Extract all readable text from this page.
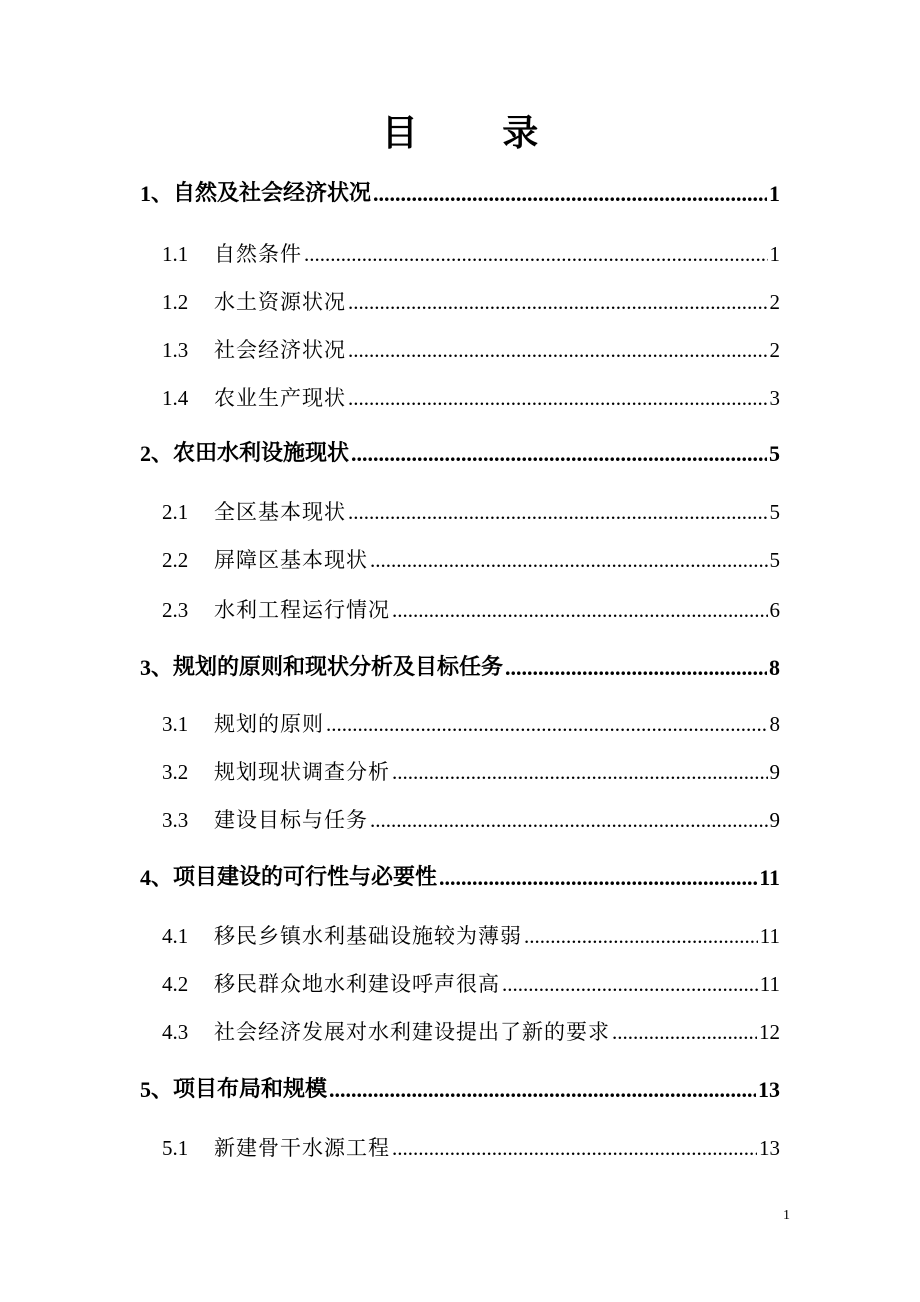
目 录
1、 自然及社会经济状况 .....	1
1.1	自然条件 .....	1
1.2	水土资源状况 .....	2
1.3	社会经济状况 .....	2
1.4	农业生产现状 .....	3
2、 农田水利设施现状 .....	5
2.1	全区基本现状 .....	5
2.2	屏障区基本现状 .....	5
2.3	水利工程运行情况 .....	6
3、 规划的原则和现状分析及目标任务 .....	8
3.1	规划的原则 .....	8
3.2	规划现状调查分析 .....	9
3.3	建设目标与任务 .....	9
4、 项目建设的可行性与必要性 .....	11
4.1	移民乡镇水利基础设施较为薄弱 .....	11
4.2	移民群众地水利建设呼声很高 .....	11
4.3	社会经济发展对水利建设提出了新的要求 .....	12
5、 项目布局和规模 .....	13
5.1	新建骨干水源工程 .....	13
1
